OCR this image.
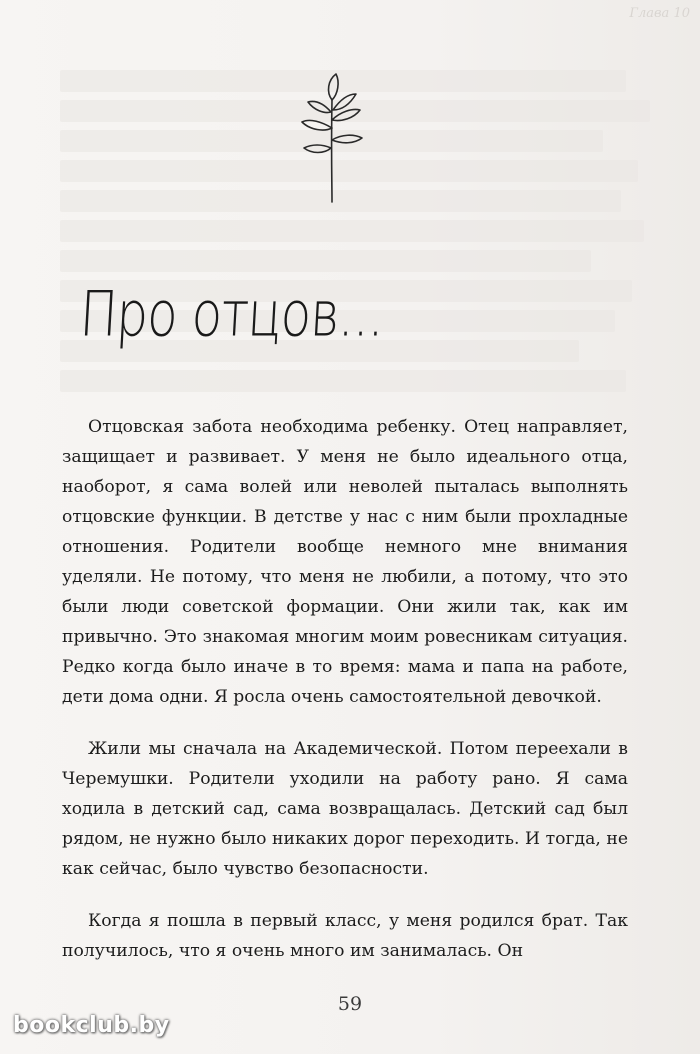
Глава 10
Про отцов...

Отцовская забота необходима ребенку. Отец направляет, защищает и развивает. У меня не было идеального отца, наоборот, я сама волей или неволей пыталась выполнять отцовские функции. В детстве у нас с ним были прохладные отношения. Родители вообще немного мне внимания уделяли. Не потому, что меня не любили, а потому, что это были люди советской формации. Они жили так, как им привычно. Это знакомая многим моим ровесникам ситуация. Редко когда было иначе в то время: мама и папа на работе, дети дома одни. Я росла очень самостоятельной девочкой.

Жили мы сначала на Академической. Потом переехали в Черемушки. Родители уходили на работу рано. Я сама ходила в детский сад, сама возвращалась. Детский сад был рядом, не нужно было никаких дорог переходить. И тогда, не как сейчас, было чувство безопасности.

Когда я пошла в первый класс, у меня родился брат. Так получилось, что я очень много им занималась. Он

59
bookclub.by
